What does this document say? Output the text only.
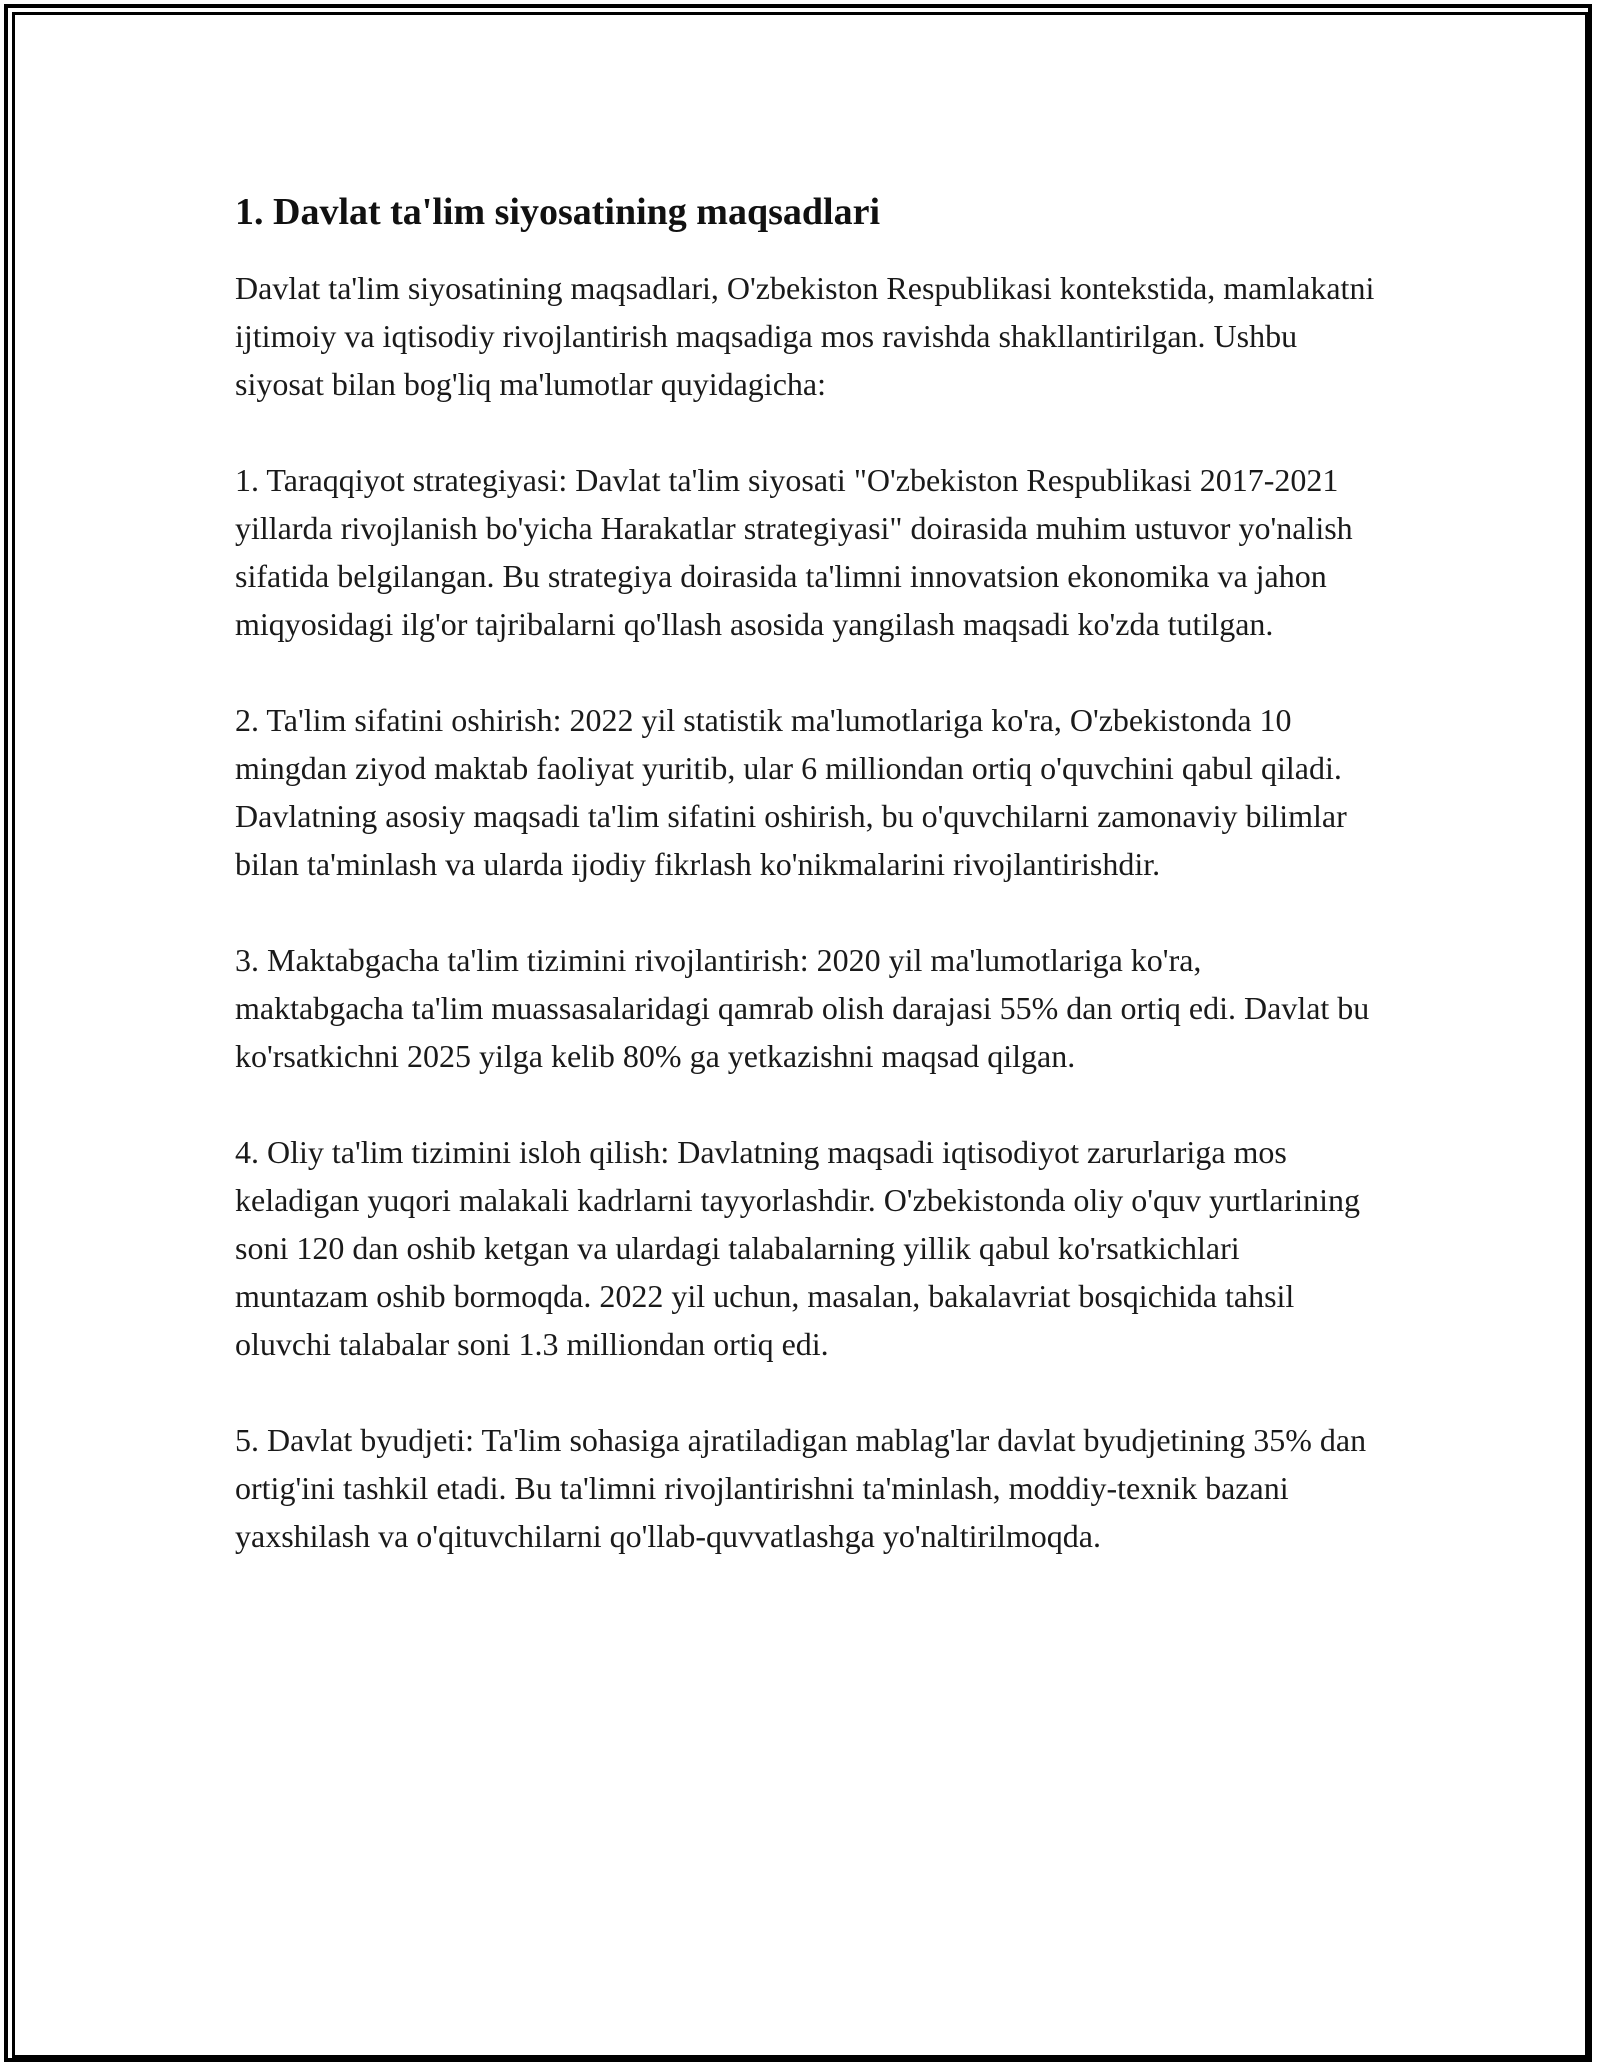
1. Davlat ta'lim siyosatining maqsadlari

Davlat ta'lim siyosatining maqsadlari, O'zbekiston Respublikasi kontekstida, mamlakatni ijtimoiy va iqtisodiy rivojlantirish maqsadiga mos ravishda shakllantirilgan. Ushbu siyosat bilan bog'liq ma'lumotlar quyidagicha:

1. Taraqqiyot strategiyasi: Davlat ta'lim siyosati "O'zbekiston Respublikasi 2017-2021 yillarda rivojlanish bo'yicha Harakatlar strategiyasi" doirasida muhim ustuvor yo'nalish sifatida belgilangan. Bu strategiya doirasida ta'limni innovatsion ekonomika va jahon miqyosidagi ilg'or tajribalarni qo'llash asosida yangilash maqsadi ko'zda tutilgan.

2. Ta'lim sifatini oshirish: 2022 yil statistik ma'lumotlariga ko'ra, O'zbekistonda 10 mingdan ziyod maktab faoliyat yuritib, ular 6 milliondan ortiq o'quvchini qabul qiladi. Davlatning asosiy maqsadi ta'lim sifatini oshirish, bu o'quvchilarni zamonaviy bilimlar bilan ta'minlash va ularda ijodiy fikrlash ko'nikmalarini rivojlantirishdir.

3. Maktabgacha ta'lim tizimini rivojlantirish: 2020 yil ma'lumotlariga ko'ra, maktabgacha ta'lim muassasalaridagi qamrab olish darajasi 55% dan ortiq edi. Davlat bu ko'rsatkichni 2025 yilga kelib 80% ga yetkazishni maqsad qilgan.

4. Oliy ta'lim tizimini isloh qilish: Davlatning maqsadi iqtisodiyot zarurlariga mos keladigan yuqori malakali kadrlarni tayyorlashdir. O'zbekistonda oliy o'quv yurtlarining soni 120 dan oshib ketgan va ulardagi talabalarning yillik qabul ko'rsatkichlari muntazam oshib bormoqda. 2022 yil uchun, masalan, bakalavriat bosqichida tahsil oluvchi talabalar soni 1.3 milliondan ortiq edi.

5. Davlat byudjeti: Ta'lim sohasiga ajratiladigan mablag'lar davlat byudjetining 35% dan ortig'ini tashkil etadi. Bu ta'limni rivojlantirishni ta'minlash, moddiy-texnik bazani yaxshilash va o'qituvchilarni qo'llab-quvvatlashga yo'naltirilmoqda.
